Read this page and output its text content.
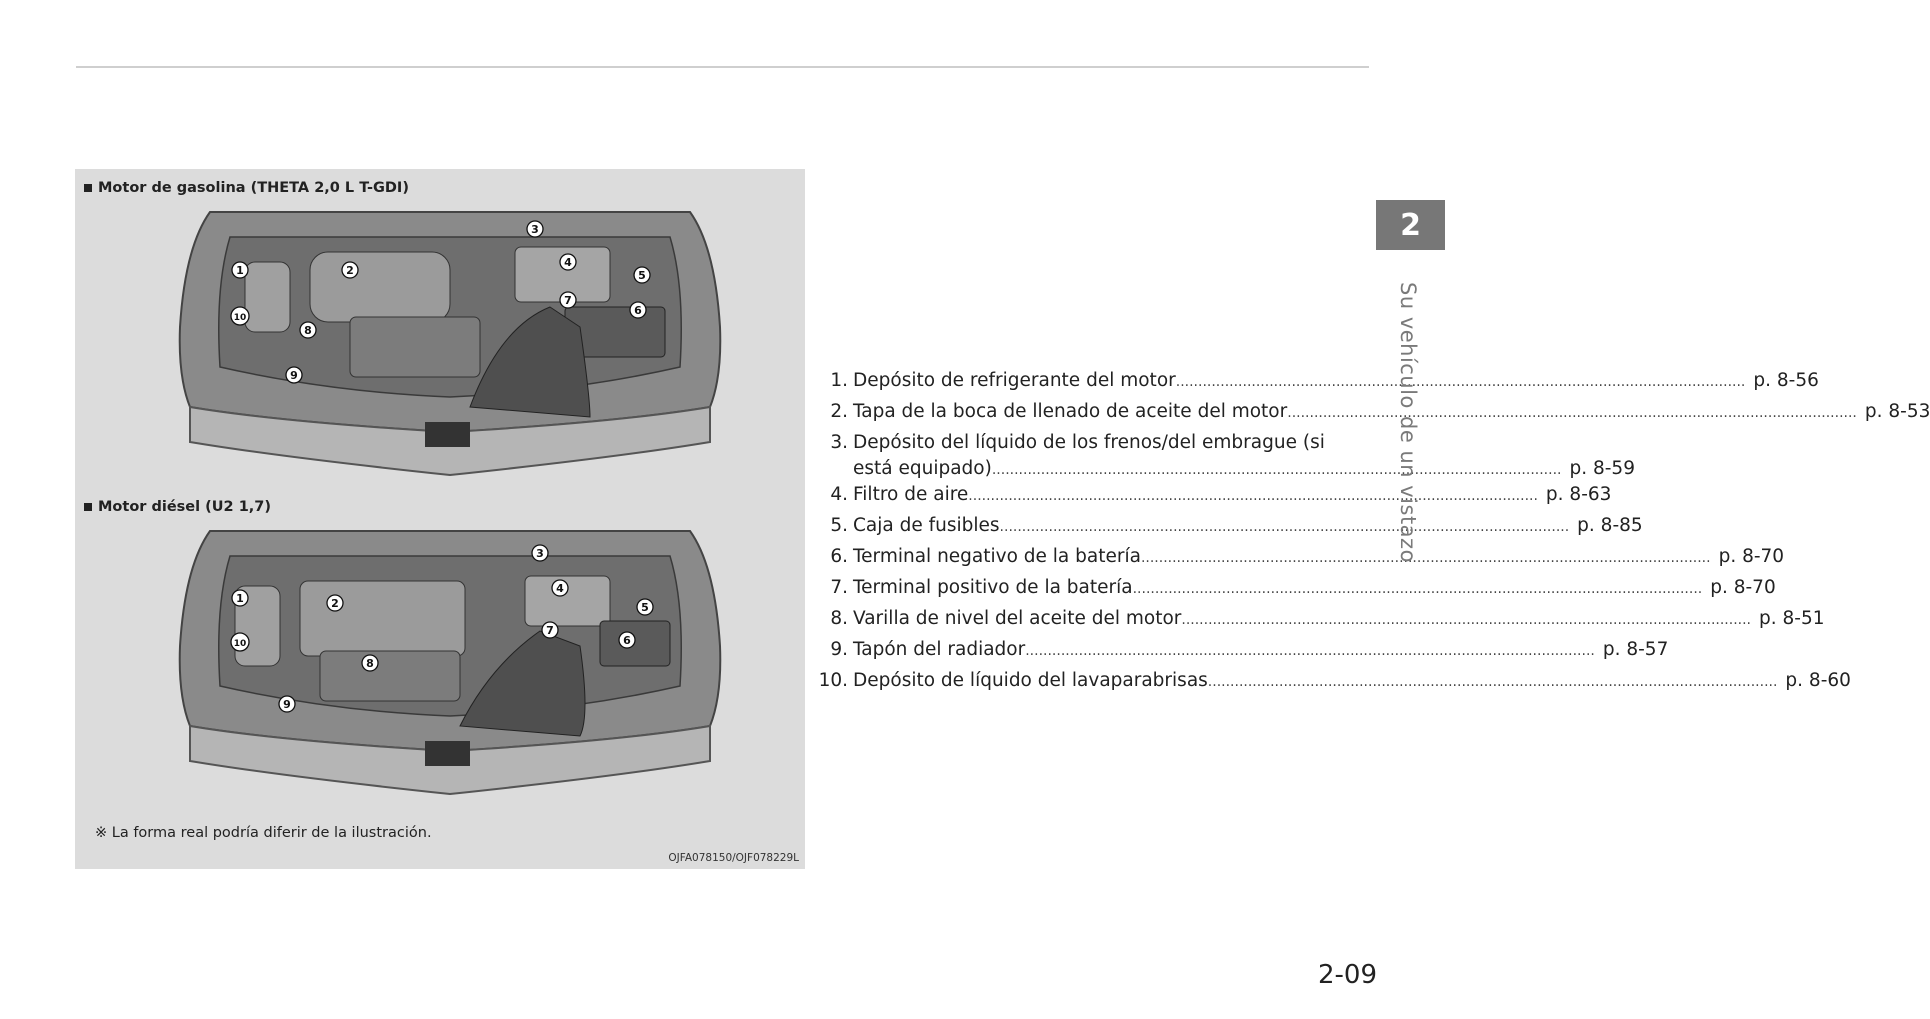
Motor de gasolina (THETA 2,0 L T-GDI)
1	2
3
4
5
6
7
8
9
10
Motor diésel (U2 1,7)
1	2
3
4
5
6
7
8
9
10
※ La forma real podría diferir de la ilustración.
OJFA078150/OJF078229L
1. Depósito de refrigerante del motor ................................................................................................................................ p. 8-56
2. Tapa de la boca de llenado de aceite del motor ................................................................................................................................ p. 8-53
3. Depósito del líquido de los frenos/del embrague (si
está equipado) ................................................................................................................................ p. 8-59
4. Filtro de aire ................................................................................................................................ p. 8-63
5. Caja de fusibles ................................................................................................................................ p. 8-85
6. Terminal negativo de la batería ................................................................................................................................ p. 8-70
7. Terminal positivo de la batería ................................................................................................................................ p. 8-70
8. Varilla de nivel del aceite del motor ................................................................................................................................ p. 8-51
9. Tapón del radiador ................................................................................................................................ p. 8-57
10. Depósito de líquido del lavaparabrisas ................................................................................................................................ p. 8-60
2
Su vehículo de un vistazo
2-09
